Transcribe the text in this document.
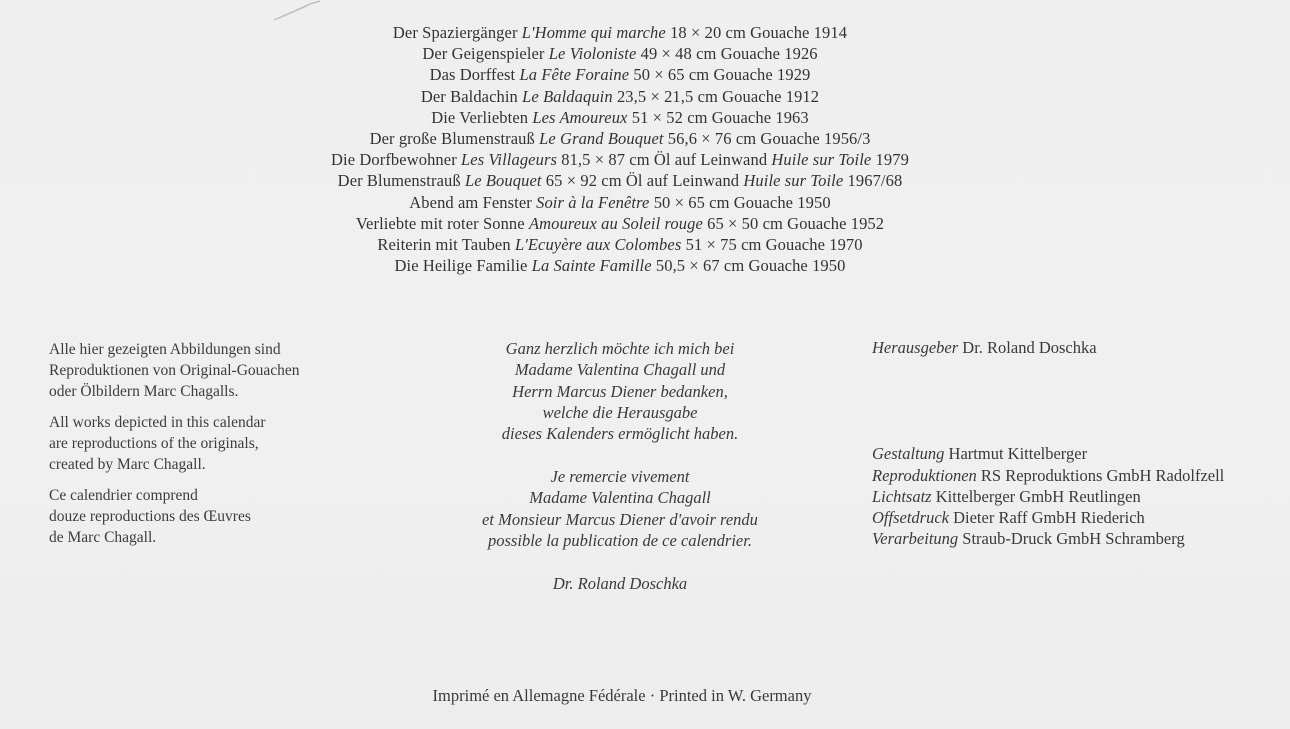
Der Spaziergänger L'Homme qui marche 18 × 20 cm Gouache 1914
Der Geigenspieler Le Violoniste 49 × 48 cm Gouache 1926
Das Dorffest La Fête Foraine 50 × 65 cm Gouache 1929
Der Baldachin Le Baldaquin 23,5 × 21,5 cm Gouache 1912
Die Verliebten Les Amoureux 51 × 52 cm Gouache 1963
Der große Blumenstrauß Le Grand Bouquet 56,6 × 76 cm Gouache 1956/3
Die Dorfbewohner Les Villageurs 81,5 × 87 cm Öl auf Leinwand Huile sur Toile 1979
Der Blumenstrauß Le Bouquet 65 × 92 cm Öl auf Leinwand Huile sur Toile 1967/68
Abend am Fenster Soir à la Fenêtre 50 × 65 cm Gouache 1950
Verliebte mit roter Sonne Amoureux au Soleil rouge 65 × 50 cm Gouache 1952
Reiterin mit Tauben L'Ecuyère aux Colombes 51 × 75 cm Gouache 1970
Die Heilige Familie La Sainte Famille 50,5 × 67 cm Gouache 1950

Alle hier gezeigten Abbildungen sind
Reproduktionen von Original-Gouachen
oder Ölbildern Marc Chagalls.

All works depicted in this calendar
are reproductions of the originals,
created by Marc Chagall.

Ce calendrier comprend
douze reproductions des Œuvres
de Marc Chagall.

Ganz herzlich möchte ich mich bei
Madame Valentina Chagall und
Herrn Marcus Diener bedanken,
welche die Herausgabe
dieses Kalenders ermöglicht haben.
Je remercie vivement
Madame Valentina Chagall
et Monsieur Marcus Diener d'avoir rendu
possible la publication de ce calendrier.
Dr. Roland Doschka
Herausgeber Dr. Roland Doschka
Gestaltung Hartmut Kittelberger
Reproduktionen RS Reproduktions GmbH Radolfzell
Lichtsatz Kittelberger GmbH Reutlingen
Offsetdruck Dieter Raff GmbH Riederich
Verarbeitung Straub-Druck GmbH Schramberg
Imprimé en Allemagne Fédérale · Printed in W. Germany
